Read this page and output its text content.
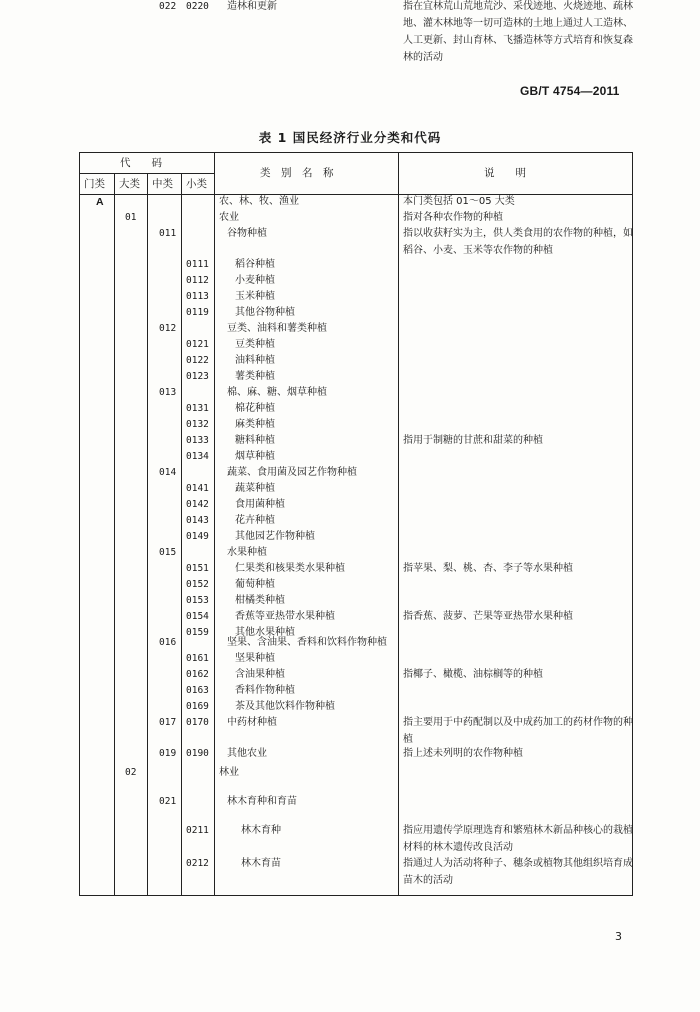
GB/T 4754—2011
表 1 国民经济行业分类和代码
代　　码
门类 大类 中类 小类
类　别　名　称	说　　明
A	农、林、牧、渔业	本门类包括 01～05 大类
01	农业	指对各种农作物的种植
011	谷物种植	指以收获籽实为主，供人类食用的农作物的种植，如稻谷、小麦、玉米等农作物的种植
0111	稻谷种植
0112	小麦种植
0113	玉米种植
0119	其他谷物种植
012	豆类、油料和薯类种植
0121	豆类种植
0122	油料种植
0123	薯类种植
013	棉、麻、糖、烟草种植
0131	棉花种植
0132	麻类种植
0133	糖料种植	指用于制糖的甘蔗和甜菜的种植
0134	烟草种植
014	蔬菜、食用菌及园艺作物种植
0141	蔬菜种植
0142	食用菌种植
0143	花卉种植
0149	其他园艺作物种植
015	水果种植
0151	仁果类和核果类水果种植	指苹果、梨、桃、杏、李子等水果种植
0152	葡萄种植
0153	柑橘类种植
0154	香蕉等亚热带水果种植	指香蕉、菠萝、芒果等亚热带水果种植
0159	其他水果种植
016	坚果、含油果、香料和饮料作物种植
0161	坚果种植
0162	含油果种植	指椰子、橄榄、油棕榈等的种植
0163	香料作物种植
0169	茶及其他饮料作物种植
017 0170 中药材种植	指主要用于中药配制以及中成药加工的药材作物的种植
019 0190 其他农业	指上述未列明的农作物种植
02	林业
021	林木育种和育苗
0211	林木育种	指应用遗传学原理选育和繁殖林木新品种核心的栽植材料的林木遗传改良活动
0212	林木育苗	指通过人为活动将种子、穗条或植物其他组织培育成苗木的活动
022 0220 造林和更新	指在宜林荒山荒地荒沙、采伐迹地、火烧迹地、疏林地、灌木林地等一切可造林的土地上通过人工造林、人工更新、封山育林、飞播造林等方式培育和恢复森林的活动
3
